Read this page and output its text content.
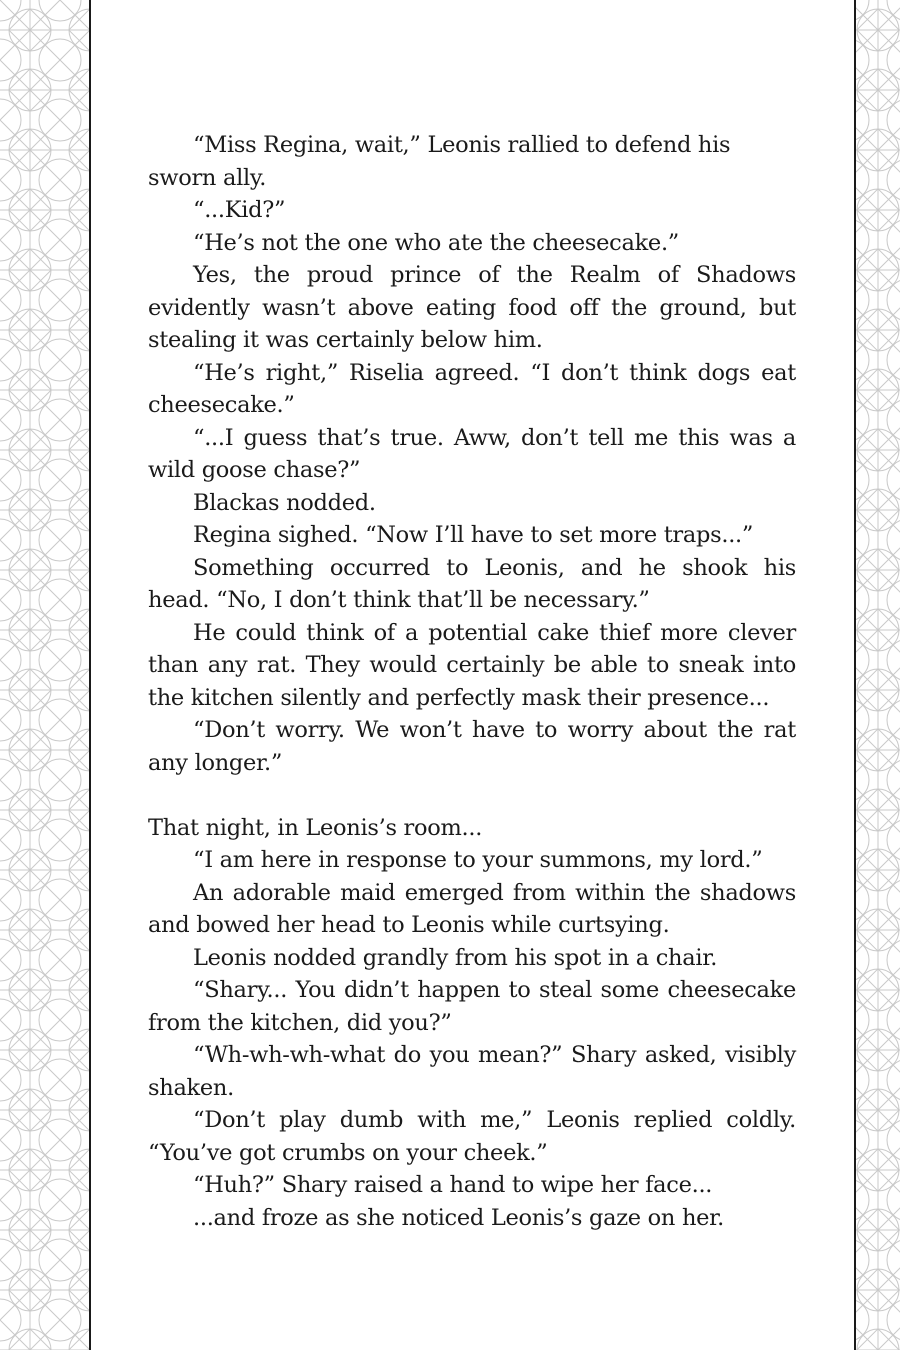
“Miss Regina, wait,” Leonis rallied to defend his sworn ally.

“...Kid?”

“He’s not the one who ate the cheesecake.”

Yes, the proud prince of the Realm of Shadows evidently wasn’t above eating food off the ground, but stealing it was certainly below him.

“He’s right,” Riselia agreed. “I don’t think dogs eat cheesecake.”

“...I guess that’s true. Aww, don’t tell me this was a wild goose chase?”

Blackas nodded.

Regina sighed. “Now I’ll have to set more traps...”

Something occurred to Leonis, and he shook his head. “No, I don’t think that’ll be necessary.”

He could think of a potential cake thief more clever than any rat. They would certainly be able to sneak into the kitchen silently and perfectly mask their presence...

“Don’t worry. We won’t have to worry about the rat any longer.”

That night, in Leonis’s room...

“I am here in response to your summons, my lord.”

An adorable maid emerged from within the shadows and bowed her head to Leonis while curtsying.

Leonis nodded grandly from his spot in a chair.

“Shary... You didn’t happen to steal some cheesecake from the kitchen, did you?”

“Wh-wh-wh-what do you mean?” Shary asked, visibly shaken.

“Don’t play dumb with me,” Leonis replied coldly. “You’ve got crumbs on your cheek.”

“Huh?” Shary raised a hand to wipe her face...

...and froze as she noticed Leonis’s gaze on her.
